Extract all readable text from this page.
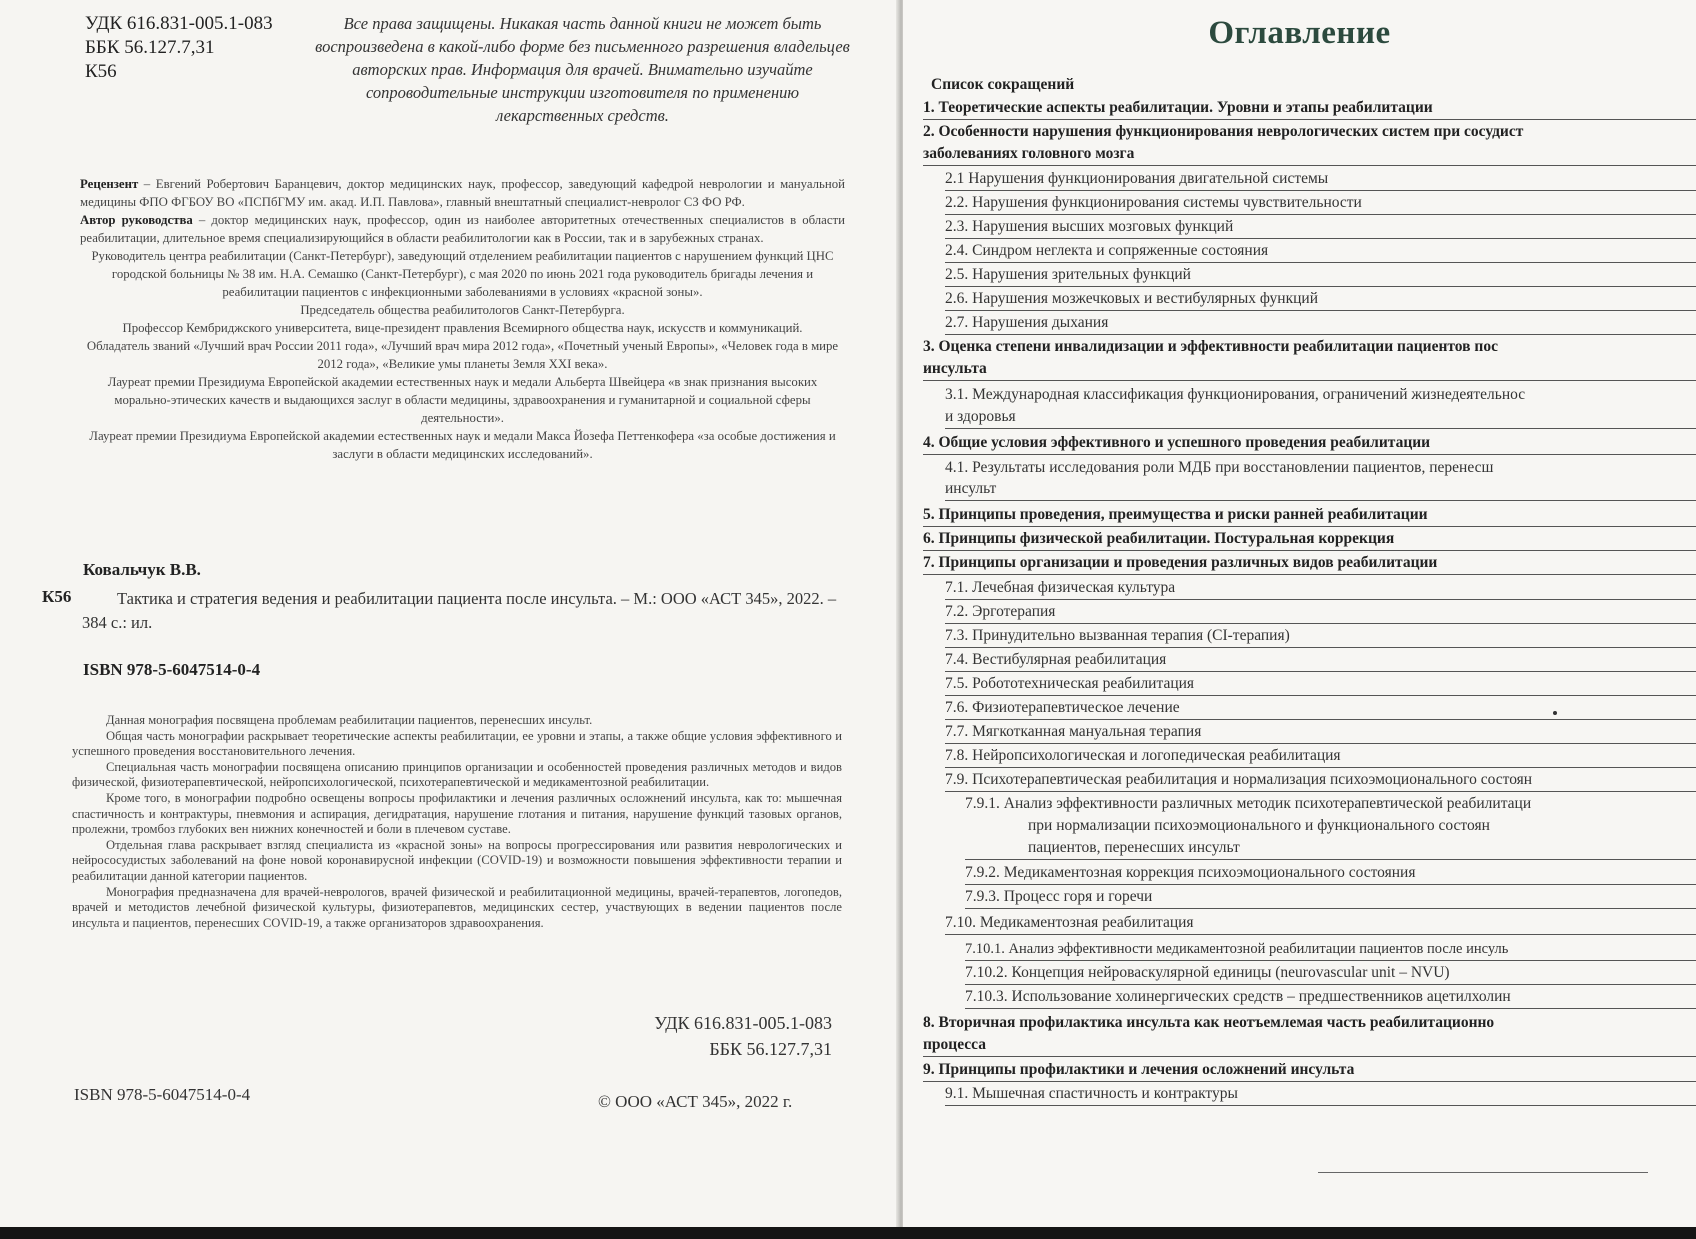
УДК 616.831-005.1-083
ББК 56.127.7,31
К56
Все права защищены. Никакая часть данной книги не может быть воспроизведена в какой-либо форме без письменного разрешения владельцев авторских прав. Информация для врачей. Внимательно изучайте сопроводительные инструкции изготовителя по применению лекарственных средств.

Рецензент – Евгений Робертович Баранцевич, доктор медицинских наук, профессор, заведующий кафедрой неврологии и мануальной медицины ФПО ФГБОУ ВО «ПСПбГМУ им. акад. И.П. Павлова», главный внештатный специалист-невролог СЗ ФО РФ.

Автор руководства – доктор медицинских наук, профессор, один из наиболее авторитетных отечественных специалистов в области реабилитации, длительное время специализирующийся в области реабилитологии как в России, так и в зарубежных странах.

Руководитель центра реабилитации (Санкт-Петербург), заведующий отделением реабилитации пациентов с нарушением функций ЦНС городской больницы № 38 им. Н.А. Семашко (Санкт-Петербург), с мая 2020 по июнь 2021 года руководитель бригады лечения и реабилитации пациентов с инфекционными заболеваниями в условиях «красной зоны».

Председатель общества реабилитологов Санкт-Петербурга.

Профессор Кембриджского университета, вице-президент правления Всемирного общества наук, искусств и коммуникаций.

Обладатель званий «Лучший врач России 2011 года», «Лучший врач мира 2012 года», «Почетный ученый Европы», «Человек года в мире 2012 года», «Великие умы планеты Земля XXI века».

Лауреат премии Президиума Европейской академии естественных наук и медали Альберта Швейцера «в знак признания высоких морально-этических качеств и выдающихся заслуг в области медицины, здравоохранения и гуманитарной и социальной сферы деятельности».

Лауреат премии Президиума Европейской академии естественных наук и медали Макса Йозефа Петтенкофера «за особые достижения и заслуги в области медицинских исследований».

Ковальчук В.В.
К56	Тактика и стратегия ведения и реабилитации пациента после инсульта. – М.: ООО «АСТ 345», 2022. – 384 с.: ил.
ISBN 978-5-6047514-0-4

Данная монография посвящена проблемам реабилитации пациентов, перенесших инсульт.

Общая часть монографии раскрывает теоретические аспекты реабилитации, ее уровни и этапы, а также общие условия эффективного и успешного проведения восстановительного лечения.

Специальная часть монографии посвящена описанию принципов организации и особенностей проведения различных методов и видов физической, физиотерапевтической, нейропсихологической, психотерапевтической и медикаментозной реабилитации.

Кроме того, в монографии подробно освещены вопросы профилактики и лечения различных осложнений инсульта, как то: мышечная спастичность и контрактуры, пневмония и аспирация, дегидратация, нарушение глотания и питания, нарушение функций тазовых органов, пролежни, тромбоз глубоких вен нижних конечностей и боли в плечевом суставе.

Отдельная глава раскрывает взгляд специалиста из «красной зоны» на вопросы прогрессирования или развития неврологических и нейрососудистых заболеваний на фоне новой коронавирусной инфекции (COVID-19) и возможности повышения эффективности терапии и реабилитации данной категории пациентов.

Монография предназначена для врачей-неврологов, врачей физической и реабилитационной медицины, врачей-терапевтов, логопедов, врачей и методистов лечебной физической культуры, физиотерапевтов, медицинских сестер, участвующих в ведении пациентов после инсульта и пациентов, перенесших COVID-19, а также организаторов здравоохранения.

УДК 616.831-005.1-083
ББК 56.127.7,31
ISBN 978-5-6047514-0-4	© ООО «АСТ 345», 2022 г.
Оглавление
Список сокращений
1. Теоретические аспекты реабилитации. Уровни и этапы реабилитации
2. Особенности нарушения функционирования неврологических систем при сосудист
заболеваниях головного мозга
2.1 Нарушения функционирования двигательной системы
2.2. Нарушения функционирования системы чувствительности
2.3. Нарушения высших мозговых функций
2.4. Синдром неглекта и сопряженные состояния
2.5. Нарушения зрительных функций
2.6. Нарушения мозжечковых и вестибулярных функций
2.7. Нарушения дыхания
3. Оценка степени инвалидизации и эффективности реабилитации пациентов пос
инсульта
3.1. Международная классификация функционирования, ограничений жизнедеятельнос
и здоровья
4. Общие условия эффективного и успешного проведения реабилитации
4.1. Результаты исследования роли МДБ при восстановлении пациентов, перенесш
инсульт
5. Принципы проведения, преимущества и риски ранней реабилитации
6. Принципы физической реабилитации. Постуральная коррекция
7. Принципы организации и проведения различных видов реабилитации
7.1. Лечебная физическая культура
7.2. Эрготерапия
7.3. Принудительно вызванная терапия (CI-терапия)
7.4. Вестибулярная реабилитация
7.5. Робототехническая реабилитация
7.6. Физиотерапевтическое лечение
7.7. Мягкотканная мануальная терапия
7.8. Нейропсихологическая и логопедическая реабилитация
7.9. Психотерапевтическая реабилитация и нормализация психоэмоционального состоян
7.9.1. Анализ эффективности различных методик психотерапевтической реабилитаци
при нормализации психоэмоционального и функционального состоян
пациентов, перенесших инсульт
7.9.2. Медикаментозная коррекция психоэмоционального состояния
7.9.3. Процесс горя и горечи
7.10. Медикаментозная реабилитация
7.10.1. Анализ эффективности медикаментозной реабилитации пациентов после инсуль
7.10.2. Концепция нейроваскулярной единицы (neurovascular unit – NVU)
7.10.3. Использование холинергических средств – предшественников ацетилхолин
8. Вторичная профилактика инсульта как неотъемлемая часть реабилитационно
процесса
9. Принципы профилактики и лечения осложнений инсульта
9.1. Мышечная спастичность и контрактуры
